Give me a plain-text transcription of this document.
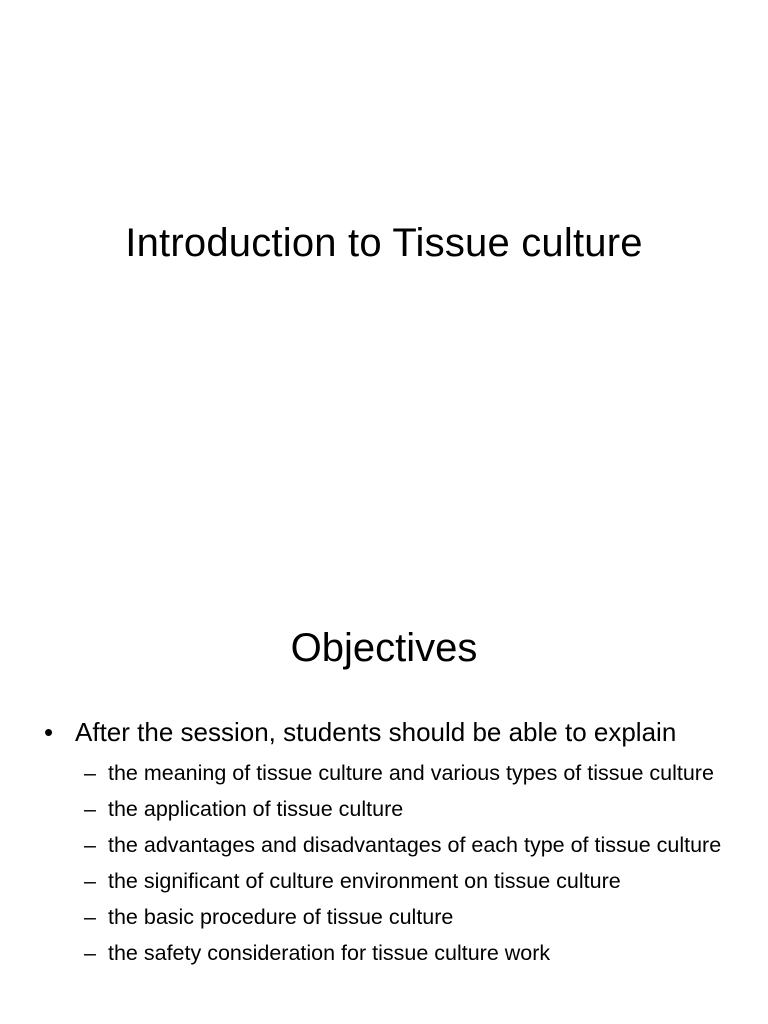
Introduction to Tissue culture
Objectives
• After the session, students should be able to explain
– the meaning of tissue culture and various types of tissue culture
– the application of tissue culture
– the advantages and disadvantages of each type of tissue culture
– the significant of culture environment on tissue culture
– the basic procedure of tissue culture
– the safety consideration for tissue culture work
